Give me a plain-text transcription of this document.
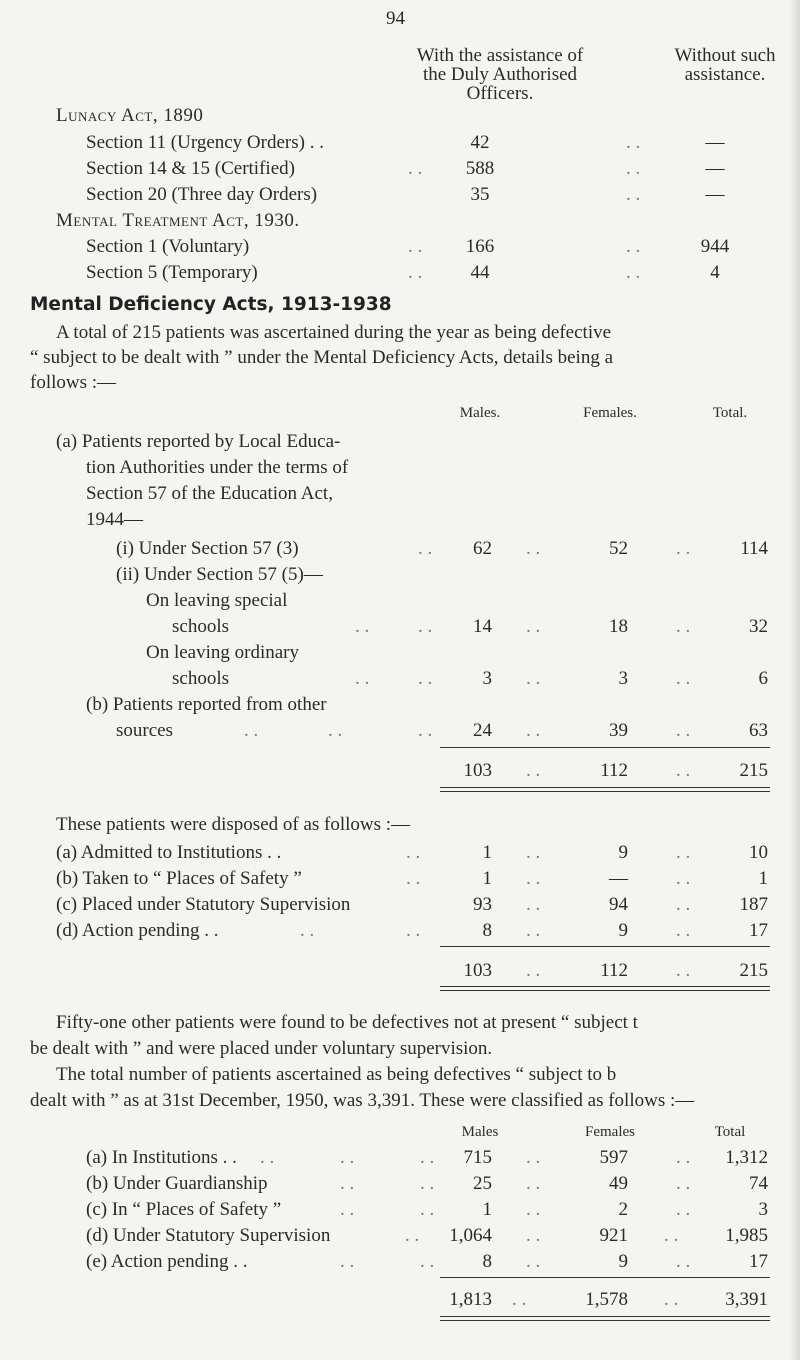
94
With the assistance of
the Duly Authorised
Officers.
Without such
assistance.
Lunacy Act, 1890
Section 11 (Urgency Orders) . .	42	. .	—
Section 14 & 15 (Certified)	. .	588	. .	—
Section 20 (Three day Orders)	35	. .	—
Mental Treatment Act, 1930.
Section 1 (Voluntary)	. .	166	. .	944
Section 5 (Temporary)	. .	44	. .	4
Mental Deficiency Acts, 1913-1938
A total of 215 patients was ascertained during the year as being defective
“ subject to be dealt with ” under the Mental Deficiency Acts, details being a
follows :—
Males.	Females.	Total.
(a) Patients reported by Local Educa-
tion Authorities under the terms of
Section 57 of the Education Act,
1944—
(i) Under Section 57 (3)	. .	62 . .	52	. .	114
(ii) Under Section 57 (5)—
On leaving special
schools	. .	. .	14 . .	18	. .	32
On leaving ordinary
schools	. .	. .	3 . .	3	. .	6
(b) Patients reported from other
sources	. .	. .	. .	24 . .	39	. .	63
103 . .	112	. .	215
These patients were disposed of as follows :—
(a) Admitted to Institutions . .	. .	1 . .	9	. .	10
(b) Taken to “ Places of Safety ”	. .	1 . .	—	. .	1
(c) Placed under Statutory Supervision	93 . .	94	. .	187
(d) Action pending . .	. .	. .	8 . .	9	. .	17
103 . .	112	. .	215
Fifty-one other patients were found to be defectives not at present “ subject t
be dealt with ” and were placed under voluntary supervision.
The total number of patients ascertained as being defectives “ subject to b
dealt with ” as at 31st December, 1950, was 3,391. These were classified as follows :—
Males	Females	Total
(a) In Institutions . . . .	. .	. .	715 . .	597	. .	1,312
(b) Under Guardianship	. .	. .	25 . .	49	. .	74
(c) In “ Places of Safety ”	. .	. .	1 . .	2	. .	3
(d) Under Statutory Supervision	. .	1,064 . .	921 . .	1,985
(e) Action pending . .	. .	. .	8 . .	9	. .	17
1,813 . .	1,578 . .	3,391
